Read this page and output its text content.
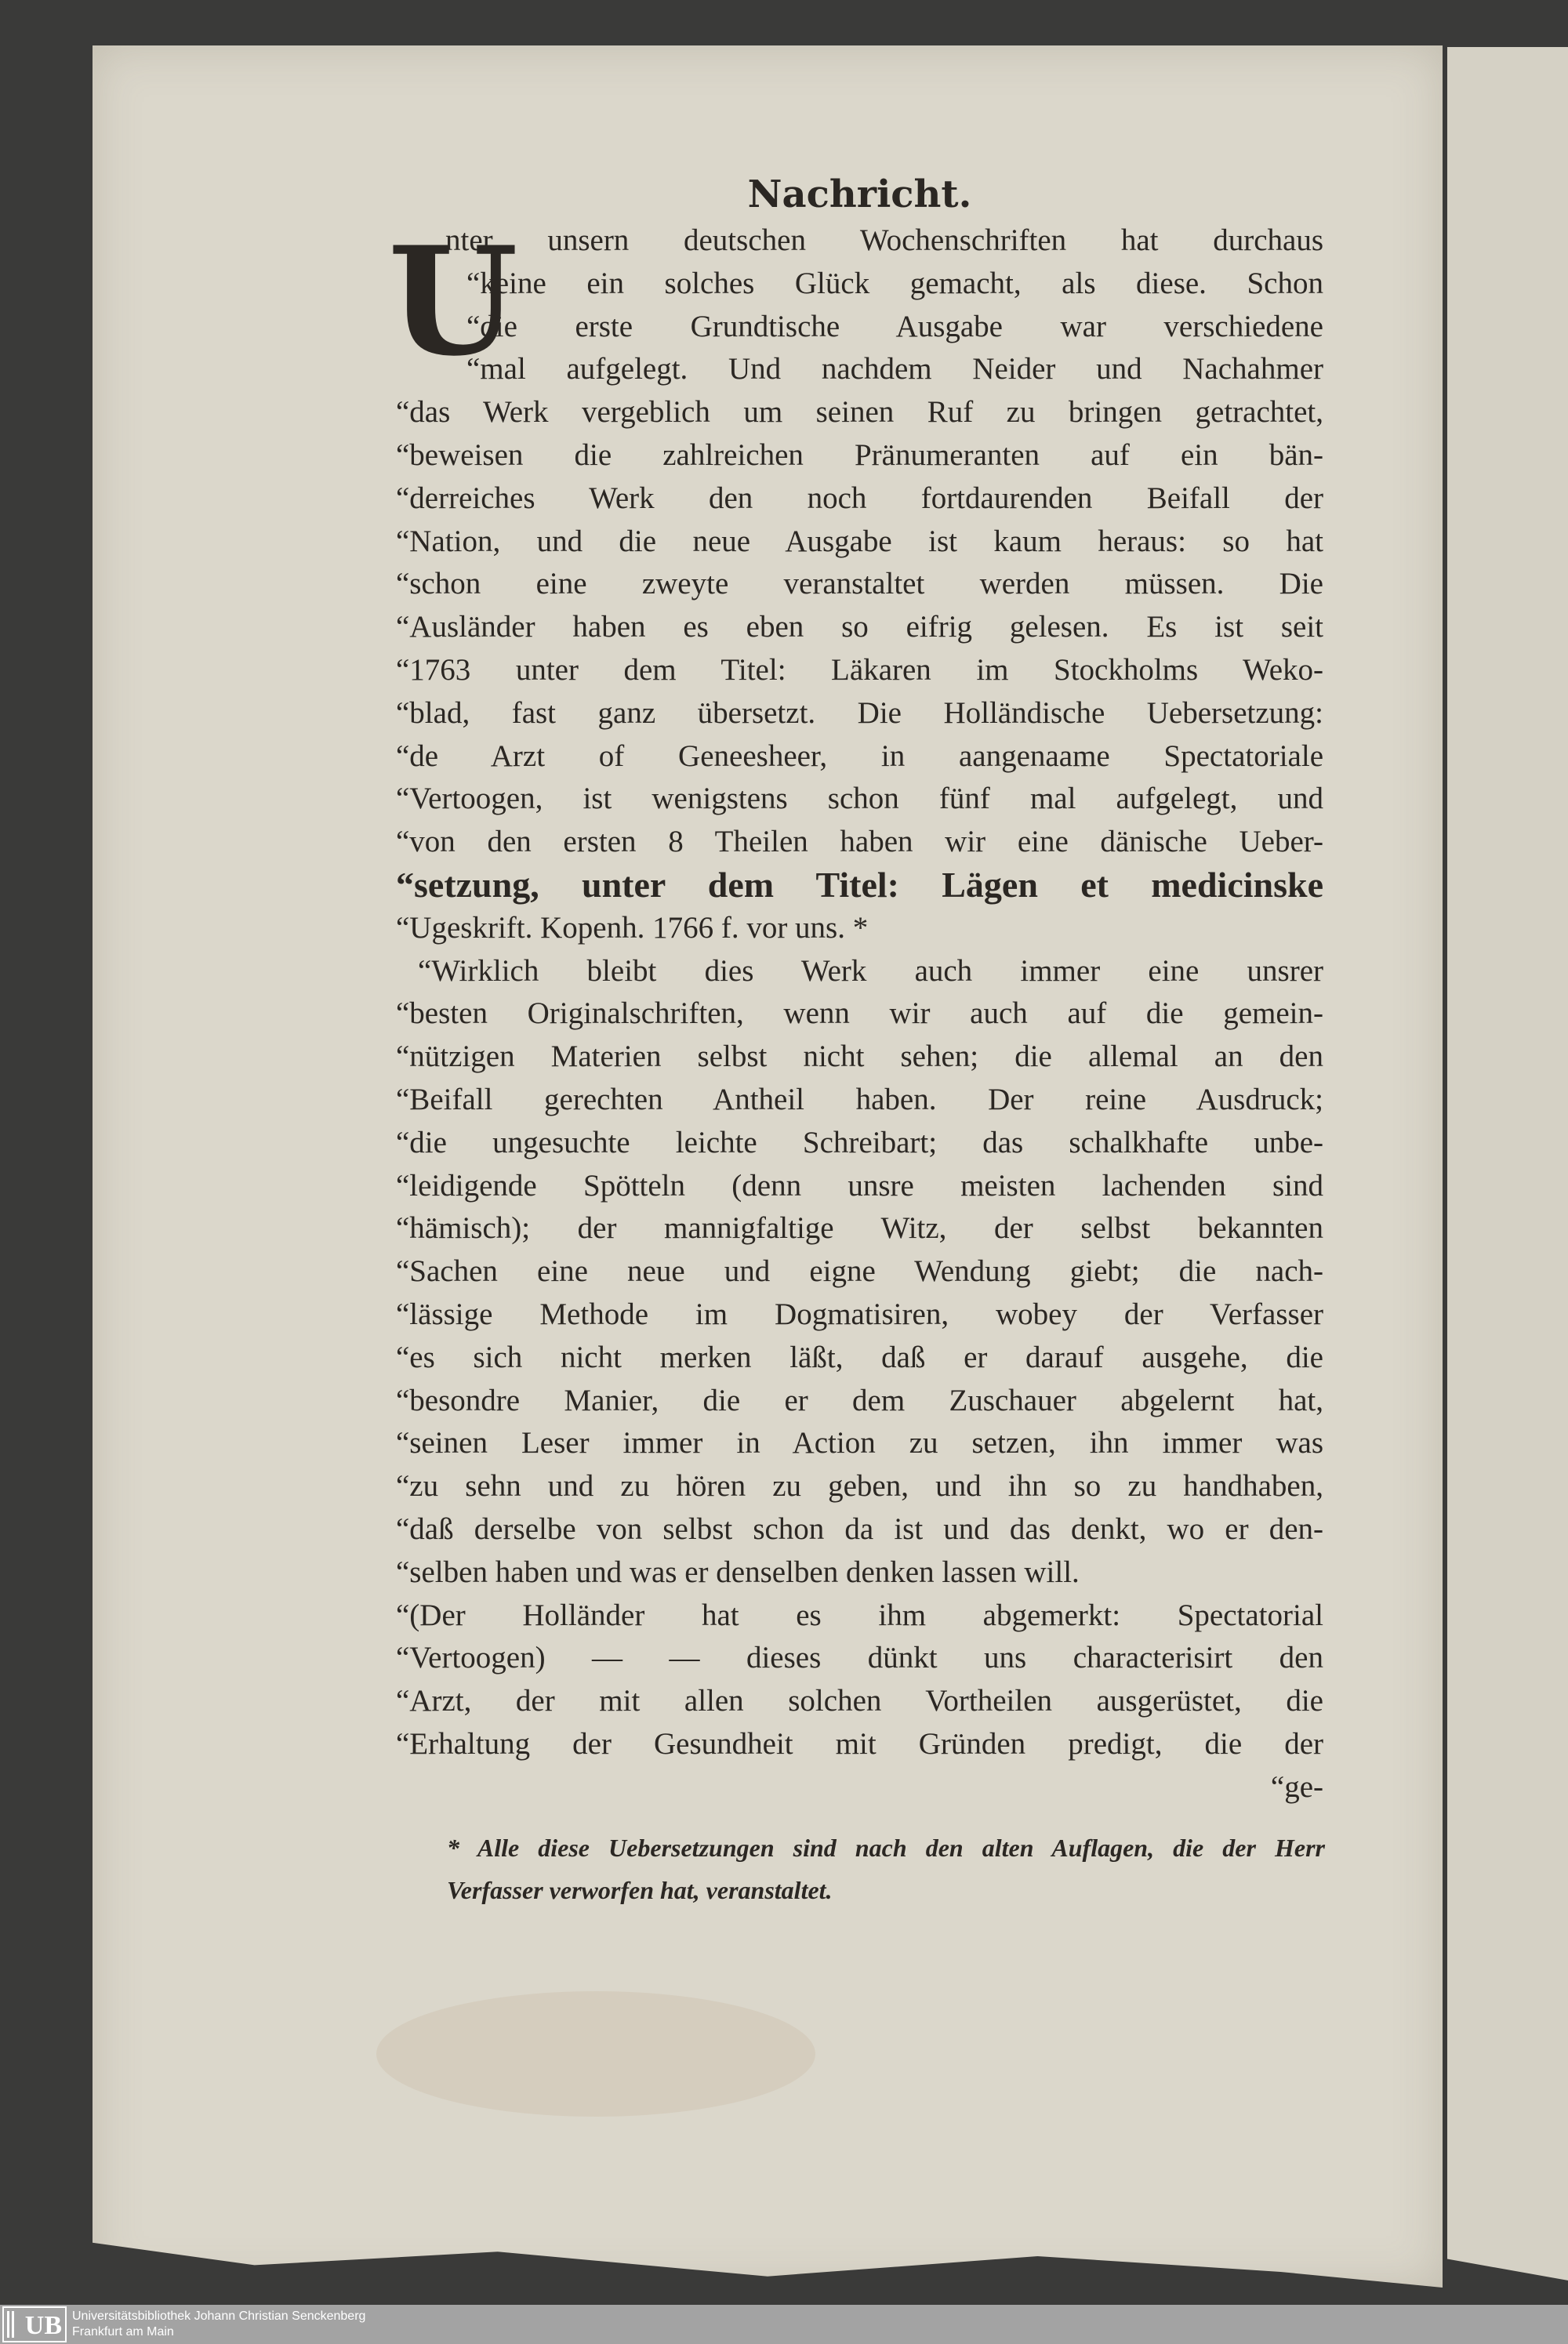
Nachricht.
U
nter unsern deutschen Wochenschriften hat durchaus
“keine ein solches Glück gemacht, als diese. Schon
“die erste Grundtische Ausgabe war verschiedene
“mal aufgelegt. Und nachdem Neider und Nachahmer
“das Werk vergeblich um seinen Ruf zu bringen getrachtet,
“beweisen die zahlreichen Pränumeranten auf ein bän-
“derreiches Werk den noch fortdaurenden Beifall der
“Nation, und die neue Ausgabe ist kaum heraus: so hat
“schon eine zweyte veranstaltet werden müssen. Die
“Ausländer haben es eben so eifrig gelesen. Es ist seit
“1763 unter dem Titel: Läkaren im Stockholms Weko-
“blad, fast ganz übersetzt. Die Holländische Uebersetzung:
“de Arzt of Geneesheer, in aangenaame Spectatoriale
“Vertoogen, ist wenigstens schon fünf mal aufgelegt, und
“von den ersten 8 Theilen haben wir eine dänische Ueber-
“setzung, unter dem Titel: Lägen et medicinske
“Ugeskrift. Kopenh. 1766 f. vor uns. *
“Wirklich bleibt dies Werk auch immer eine unsrer
“besten Originalschriften, wenn wir auch auf die gemein-
“nützigen Materien selbst nicht sehen; die allemal an den
“Beifall gerechten Antheil haben. Der reine Ausdruck;
“die ungesuchte leichte Schreibart; das schalkhafte unbe-
“leidigende Spötteln (denn unsre meisten lachenden sind
“hämisch); der mannigfaltige Witz, der selbst bekannten
“Sachen eine neue und eigne Wendung giebt; die nach-
“lässige Methode im Dogmatisiren, wobey der Verfasser
“es sich nicht merken läßt, daß er darauf ausgehe, die
“besondre Manier, die er dem Zuschauer abgelernt hat,
“seinen Leser immer in Action zu setzen, ihn immer was
“zu sehn und zu hören zu geben, und ihn so zu handhaben,
“daß derselbe von selbst schon da ist und das denkt, wo er den-
“selben haben und was er denselben denken lassen will.
“(Der Holländer hat es ihm abgemerkt: Spectatorial
“Vertoogen) — — dieses dünkt uns characterisirt den
“Arzt, der mit allen solchen Vortheilen ausgerüstet, die
“Erhaltung der Gesundheit mit Gründen predigt, die der
“ge-
* Alle diese Uebersetzungen sind nach den alten Auflagen, die der Herr
Verfasser verworfen hat, veranstaltet.
UB Universitätsbibliothek Johann Christian Senckenberg
Frankfurt am Main
